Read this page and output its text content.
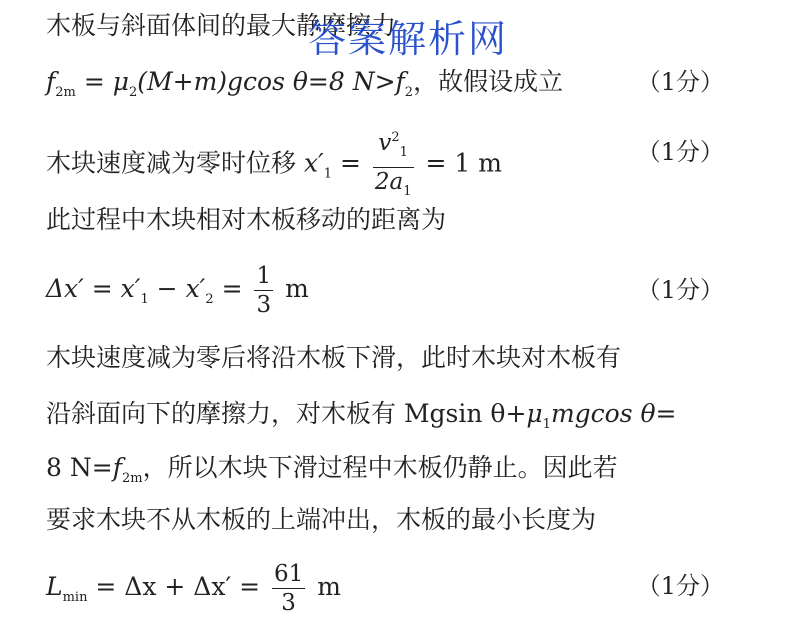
木板与斜面体间的最大静摩擦力
答案解析网
$f_{2m} = \mu_2(M+m)gcos$ θ=8 $N>f_2$，故假设成立	（1分）
木块速度减为零时位移 $x'_1 = \frac{v^2_1}{2a_1} = 1$ m	（1分）
此过程中木块相对木板移动的距离为
$\Delta x' = x'_1 - x'_2 = \frac{1}{3}$ m	（1分）
木块速度减为零后将沿木板下滑，此时木块对木板有
沿斜面向下的摩擦力，对木板有 Mgsin $\theta+\mu_1mgcos$ θ=
8 $N=f_{2m}$，所以木块下滑过程中木板仍静止。因此若
要求木块不从木板的上端冲出，木板的最小长度为
$L_{min} = \Delta x + \Delta x' = \frac{61}{3}$ m	（1分）
